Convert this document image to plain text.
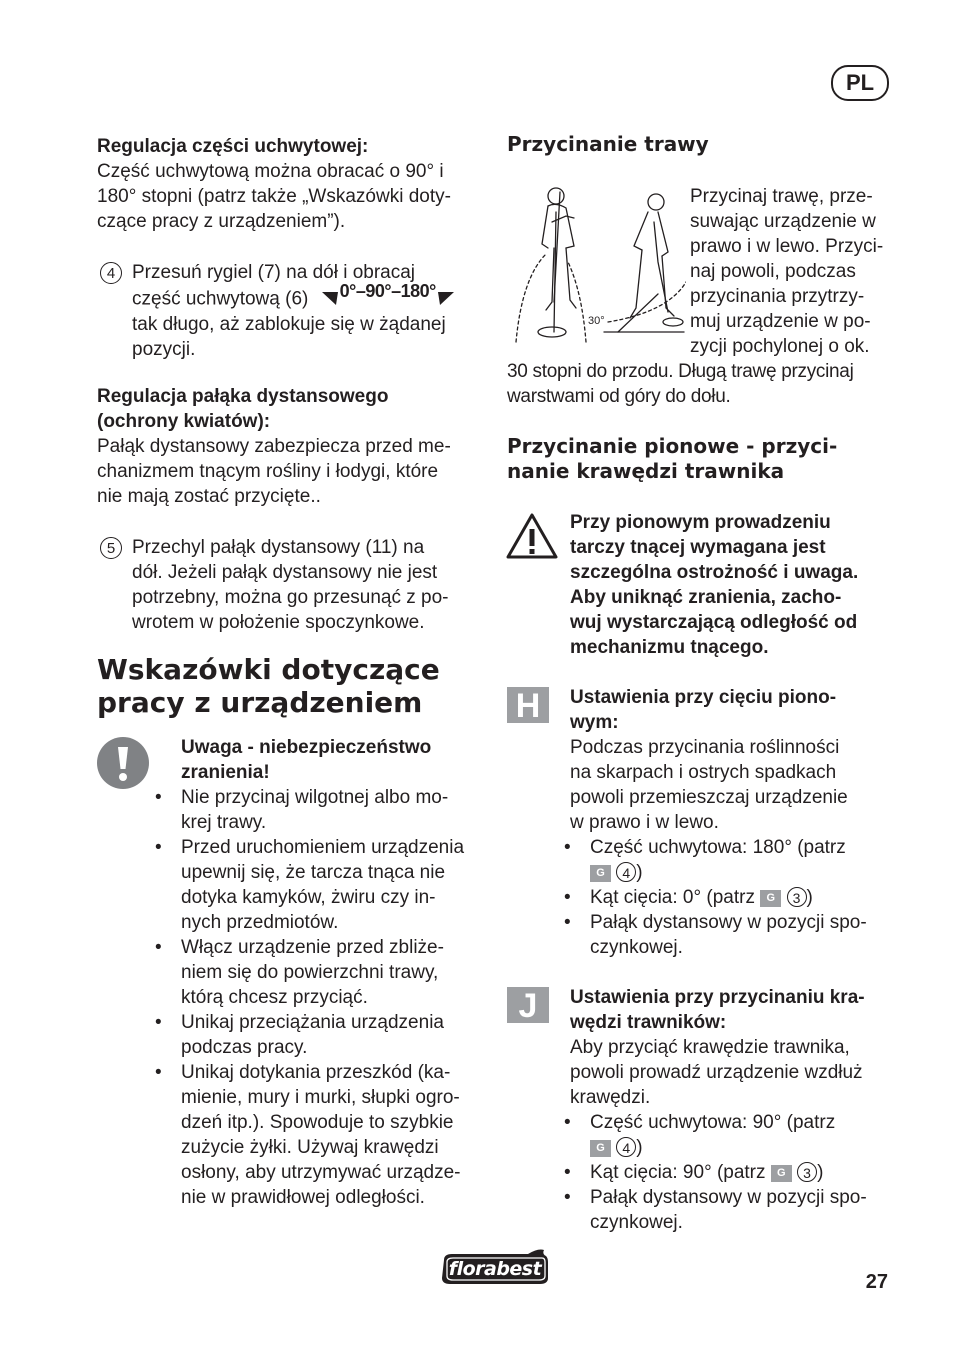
PL

Regulacja części uchwytowej:

Część uchwytową można obracać o 90° i

180° stopni (patrz także „Wskazówki doty-

czące pracy z urządzeniem”).

4 Przesuń rygiel (7) na dół i obracaj

część uchwytową (6) 0°–90°–180°

tak długo, aż zablokuje się w żądanej

pozycji.

Regulacja pałąka dystansowego

(ochrony kwiatów):

Pałąk dystansowy zabezpiecza przed me-

chanizmem tnącym rośliny i łodygi, które

nie mają zostać przycięte..

5 Przechyl pałąk dystansowy (11) na

dół. Jeżeli pałąk dystansowy nie jest

potrzebny, można go przesunąć z po-

wrotem w położenie spoczynkowe.

Wskazówki dotyczące

pracy z urządzeniem

Uwaga - niebezpieczeństwo

zranienia!

• Nie przycinaj wilgotnej albo mo-

krej trawy.

• Przed uruchomieniem urządzenia

upewnij się, że tarcza tnąca nie

dotyka kamyków, żwiru czy in-

nych przedmiotów.

• Włącz urządzenie przed zbliże-

niem się do powierzchni trawy,

którą chcesz przyciąć.

• Unikaj przeciążania urządzenia

podczas pracy.

• Unikaj dotykania przeszkód (ka-

mienie, mury i murki, słupki ogro-

dzeń itp.). Spowoduje to szybkie

zużycie żyłki. Używaj krawędzi

osłony, aby utrzymywać urządze-

nie w prawidłowej odległości.

Przycinanie trawy
30°

Przycinaj trawę, prze-

suwając urządzenie w

prawo i w lewo. Przyci-

naj powoli, podczas

przycinania przytrzy-

muj urządzenie w po-

zycji pochylonej o ok.

30 stopni do przodu. Długą trawę przycinaj

warstwami od góry do dołu.

Przycinanie pionowe - przyci-

nanie krawędzi trawnika

Przy pionowym prowadzeniu

tarczy tnącej wymagana jest

szczególna ostrożność i uwaga.

Aby uniknąć zranienia, zacho-

wuj wystarczającą odległość od

mechanizmu tnącego.

H	Ustawienia przy cięciu piono-

wym:

Podczas przycinania roślinności

na skarpach i ostrych spadkach

powoli przemieszczaj urządzenie

w prawo i w lewo.

• Część uchwytowa: 180° (patrz

G 4 )

• Kąt cięcia: 0° (patrz G 3 )

• Pałąk dystansowy w pozycji spo-

czynkowej.

J	Ustawienia przy przycinaniu kra-

wędzi trawników:

Aby przyciąć krawędzie trawnika,

powoli prowadź urządzenie wzdłuż

krawędzi.

• Część uchwytowa: 90° (patrz

G 4 )

• Kąt cięcia: 90° (patrz G 3 )

• Pałąk dystansowy w pozycji spo-

czynkowej.

florabest
27
